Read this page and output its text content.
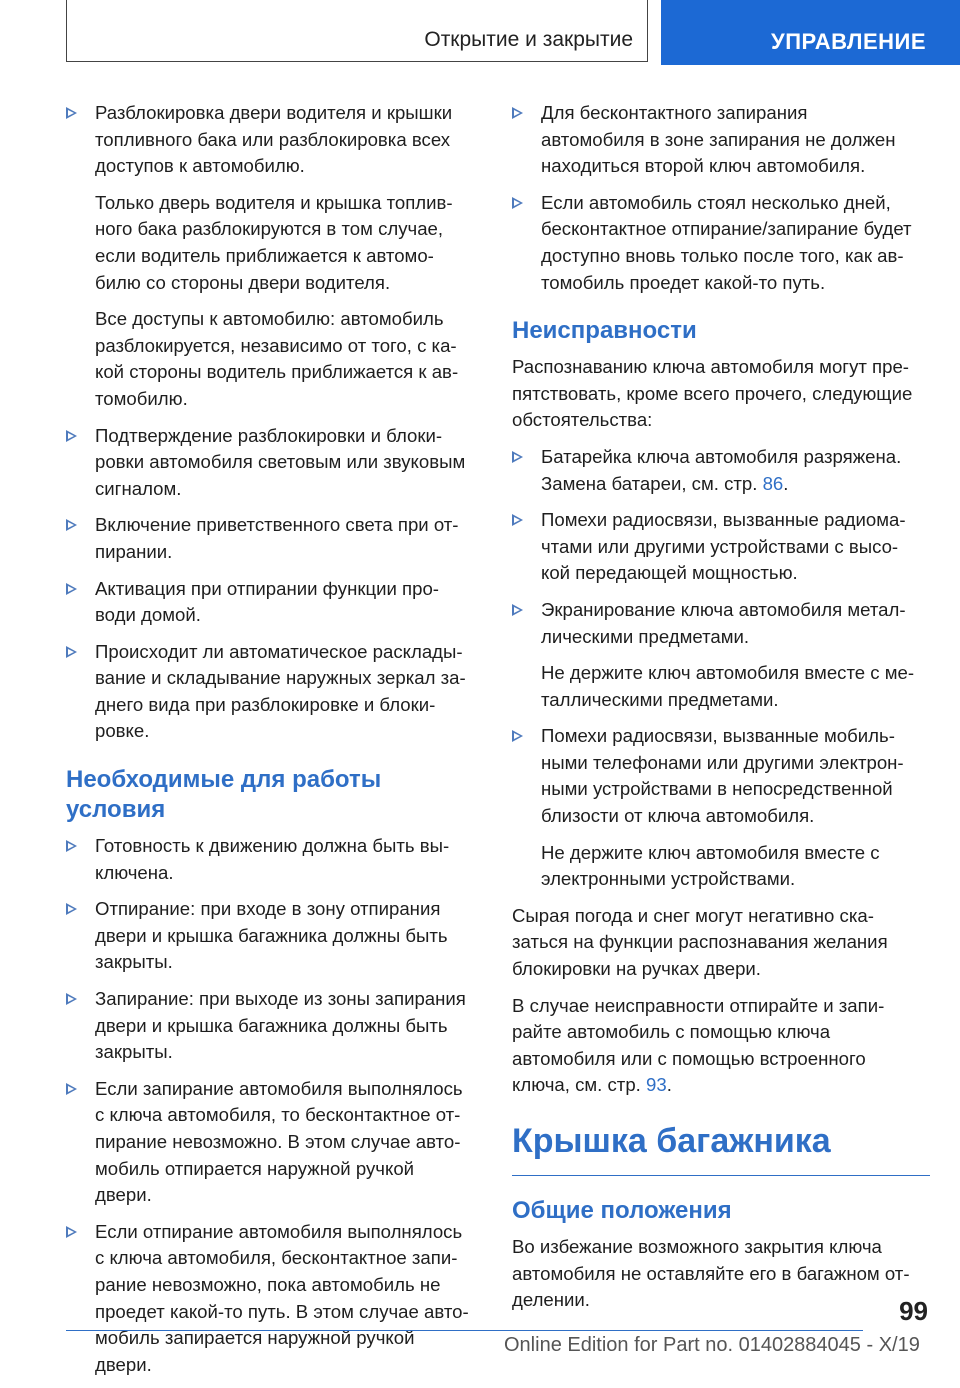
Открытие и закрытие	УПРАВЛЕНИЕ

Разблокировка двери водителя и крышки
топливного бака или разблокировка всех
доступов к автомобилю.

Только дверь водителя и крышка топлив-
ного бака разблокируются в том случае,
если водитель приближается к автомо-
билю со стороны двери водителя.

Все доступы к автомобилю: автомобиль
разблокируется, независимо от того, с ка-
кой стороны водитель приближается к ав-
томобилю.

Подтверждение разблокировки и блоки-
ровки автомобиля световым или звуковым
сигналом.

Включение приветственного света при от-
пирании.

Активация при отпирании функции про-
води домой.

Происходит ли автоматическое расклады-
вание и складывание наружных зеркал за-
днего вида при разблокировке и блоки-
ровке.

Необходимые для работы условия

Готовность к движению должна быть вы-
ключена.

Отпирание: при входе в зону отпирания
двери и крышка багажника должны быть
закрыты.

Запирание: при выходе из зоны запирания
двери и крышка багажника должны быть
закрыты.

Если запирание автомобиля выполнялось
с ключа автомобиля, то бесконтактное от-
пирание невозможно. В этом случае авто-
мобиль отпирается наружной ручкой
двери.

Если отпирание автомобиля выполнялось
с ключа автомобиля, бесконтактное запи-
рание невозможно, пока автомобиль не
проедет какой-то путь. В этом случае авто-
мобиль запирается наружной ручкой
двери.

Для бесконтактного запирания
автомобиля в зоне запирания не должен
находиться второй ключ автомобиля.

Если автомобиль стоял несколько дней,
бесконтактное отпирание/запирание будет
доступно вновь только после того, как ав-
томобиль проедет какой-то путь.

Неисправности

Распознаванию ключа автомобиля могут пре-
пятствовать, кроме всего прочего, следующие
обстоятельства:

Батарейка ключа автомобиля разряжена.
Замена батареи, см. стр. 86.

Помехи радиосвязи, вызванные радиома-
чтами или другими устройствами с высо-
кой передающей мощностью.

Экранирование ключа автомобиля метал-
лическими предметами.

Не держите ключ автомобиля вместе с ме-
таллическими предметами.

Помехи радиосвязи, вызванные мобиль-
ными телефонами или другими электрон-
ными устройствами в непосредственной
близости от ключа автомобиля.

Не держите ключ автомобиля вместе с
электронными устройствами.

Сырая погода и снег могут негативно ска-
заться на функции распознавания желания
блокировки на ручках двери.

В случае неисправности отпирайте и запи-
райте автомобиль с помощью ключа
автомобиля или с помощью встроенного
ключа, см. стр. 93.

Крышка багажника
Общие положения

Во избежание возможного закрытия ключа
автомобиля не оставляйте его в багажном от-
делении.	99
Online Edition for Part no. 01402884045 - X/19
